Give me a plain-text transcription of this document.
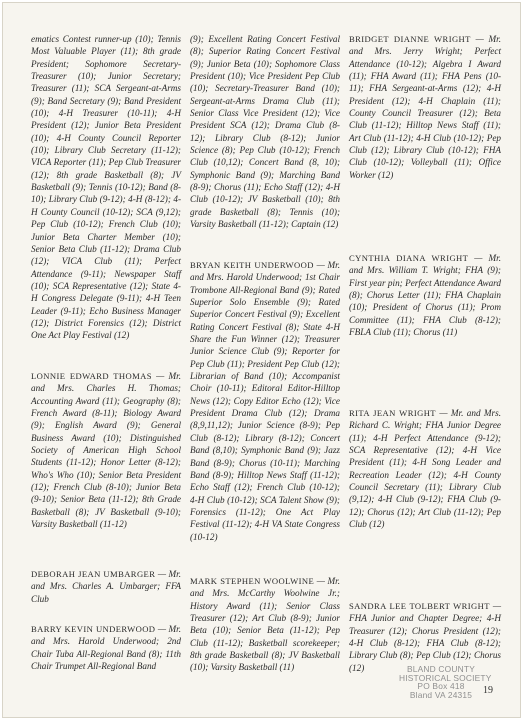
ematics Contest runner-up (10); Tennis Most Valuable Player (11); 8th grade President; Sophomore Secretary-Treasurer (10); Junior Secretary; Treasurer (11); SCA Sergeant-at-Arms (9); Band Secretary (9); Band President (10); 4-H Treasurer (10-11); 4-H President (12); Junior Beta President (10); 4-H County Council Reporter (10); Library Club Secretary (11-12); VICA Reporter (11); Pep Club Treasurer (12); 8th grade Basketball (8); JV Basketball (9); Tennis (10-12); Band (8-10); Library Club (9-12); 4-H (8-12); 4-H County Council (10-12); SCA (9,12); Pep Club (10-12); French Club (10); Junior Beta Charter Member (10); Senior Beta Club (11-12); Drama Club (12); VICA Club (11); Perfect Attendance (9-11); Newspaper Staff (10); SCA Representative (12); State 4-H Congress Delegate (9-11); 4-H Teen Leader (9-11); Echo Business Manager (12); District Forensics (12); District One Act Play Festival (12)

LONNIE EDWARD THOMAS — Mr. and Mrs. Charles H. Thomas; Accounting Award (11); Geography (8); French Award (8-11); Biology Award (9); English Award (9); General Business Award (10); Distinguished Society of American High School Students (11-12); Honor Letter (8-12); Who's Who (10); Senior Beta President (12); French Club (8-10); Junior Beta (9-10); Senior Beta (11-12); 8th Grade Basketball (8); JV Basketball (9-10); Varsity Basketball (11-12)

DEBORAH JEAN UMBARGER — Mr. and Mrs. Charles A. Umbarger; FFA Club

BARRY KEVIN UNDERWOOD — Mr. and Mrs. Harold Underwood; 2nd Chair Tuba All-Regional Band (8); 11th Chair Trumpet All-Regional Band

(9); Excellent Rating Concert Festival (8); Superior Rating Concert Festival (9); Junior Beta (10); Sophomore Class President (10); Vice President Pep Club (10); Secretary-Treasurer Band (10); Sergeant-at-Arms Drama Club (11); Senior Class Vice President (12); Vice President SCA (12); Drama Club (8-12); Library Club (8-12); Junior Science (8); Pep Club (10-12); French Club (10,12); Concert Band (8, 10); Symphonic Band (9); Marching Band (8-9); Chorus (11); Echo Staff (12); 4-H Club (10-12); JV Basketball (10); 8th grade Basketball (8); Tennis (10); Varsity Basketball (11-12); Captain (12)

BRYAN KEITH UNDERWOOD — Mr. and Mrs. Harold Underwood; 1st Chair Trombone All-Regional Band (9); Rated Superior Solo Ensemble (9); Rated Superior Concert Festival (9); Excellent Rating Concert Festival (8); State 4-H Share the Fun Winner (12); Treasurer Junior Science Club (9); Reporter for Pep Club (11); President Pep Club (12); Librarian of Band (10); Accompanist Choir (10-11); Editoral Editor-Hilltop News (12); Copy Editor Echo (12); Vice President Drama Club (12); Drama (8,9,11,12); Junior Science (8-9); Pep Club (8-12); Library (8-12); Concert Band (8,10); Symphonic Band (9); Jazz Band (8-9); Chorus (10-11); Marching Band (8-9); Hilltop News Staff (11-12); Echo Staff (12); French Club (10-12); 4-H Club (10-12); SCA Talent Show (9); Forensics (11-12); One Act Play Festival (11-12); 4-H VA State Congress (10-12)

MARK STEPHEN WOOLWINE — Mr. and Mrs. McCarthy Woolwine Jr.; History Award (11); Senior Class Treasurer (12); Art Club (8-9); Junior Beta (10); Senior Beta (11-12); Pep Club (11-12); Basketball scorekeeper; 8th grade Basketball (8); JV Basketball (10); Varsity Basketball (11)

BRIDGET DIANNE WRIGHT — Mr. and Mrs. Jerry Wright; Perfect Attendance (10-12); Algebra I Award (11); FHA Award (11); FHA Pens (10-11); FHA Sergeant-at-Arms (12); 4-H President (12); 4-H Chaplain (11); County Council Treasurer (12); Beta Club (11-12); Hilltop News Staff (11); Art Club (11-12); 4-H Club (10-12); Pep Club (12); Library Club (10-12); FHA Club (10-12); Volleyball (11); Office Worker (12)

CYNTHIA DIANA WRIGHT — Mr. and Mrs. William T. Wright; FHA (9); First year pin; Perfect Attendance Award (8); Chorus Letter (11); FHA Chaplain (10); President of Chorus (11); Prom Committee (11); FHA Club (8-12); FBLA Club (11); Chorus (11)

RITA JEAN WRIGHT — Mr. and Mrs. Richard C. Wright; FHA Junior Degree (11); 4-H Perfect Attendance (9-12); SCA Representative (12); 4-H Vice President (11); 4-H Song Leader and Recreation Leader (12); 4-H County Council Secretary (11); Library Club (9,12); 4-H Club (9-12); FHA Club (9-12); Chorus (12); Art Club (11-12); Pep Club (12)

SANDRA LEE TOLBERT WRIGHT — FHA Junior and Chapter Degree; 4-H Treasurer (12); Chorus President (12); 4-H Club (8-12); FHA Club (8-12); Library Club (8); Pep Club (12); Chorus (12)	BLAND COUNTY
HISTORICAL SOCIETY
PO Box 418
Bland VA 24315	19
